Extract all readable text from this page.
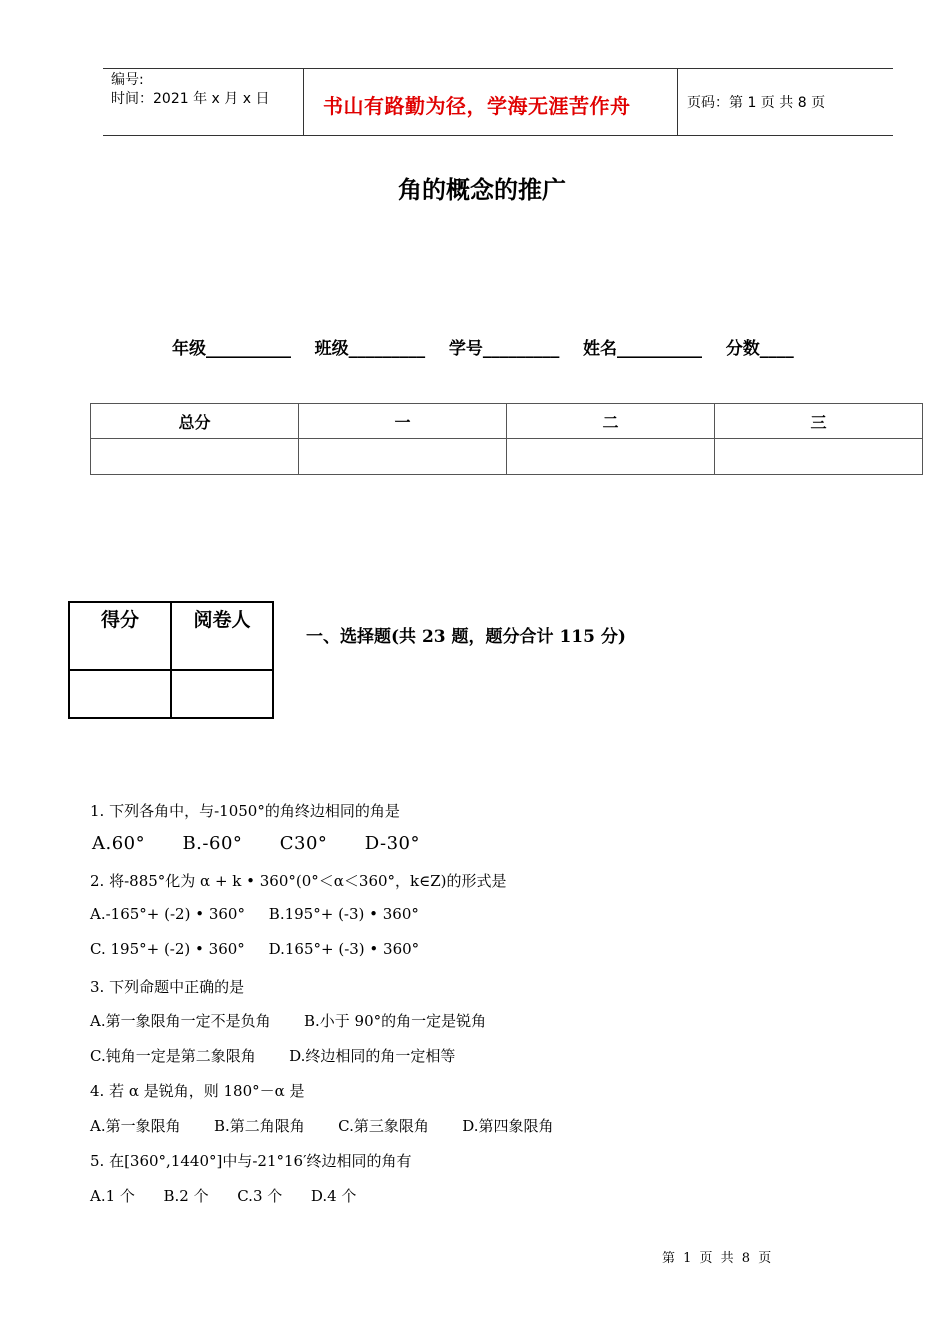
编号:
时间：2021 年 x 月 x 日	书山有路勤为径，学海无涯苦作舟	页码：第 1 页 共 8 页
角的概念的推广
年级__________    班级_________    学号_________    姓名__________    分数____
总分	一	二	三

得分	阅卷人

一、选择题(共 23 题，题分合计 115 分)
1. 下列各角中，与-1050°的角终边相同的角是
A.60°      B.-60°      C30°      D-30°
2. 将-885°化为 α + k • 360°(0°＜α＜360°，k∈Z)的形式是
A.-165°+ (-2) • 360°     B.195°+ (-3) • 360°
C. 195°+ (-2) • 360°     D.165°+ (-3) • 360°
3. 下列命题中正确的是
A.第一象限角一定不是负角       B.小于 90°的角一定是锐角
C.钝角一定是第二象限角       D.终边相同的角一定相等
4. 若 α 是锐角，则 180°－α 是
A.第一象限角       B.第二角限角       C.第三象限角       D.第四象限角
5. 在[360°,1440°]中与-21°16′终边相同的角有
A.1 个      B.2 个      C.3 个      D.4 个
第 1 页 共 8 页
